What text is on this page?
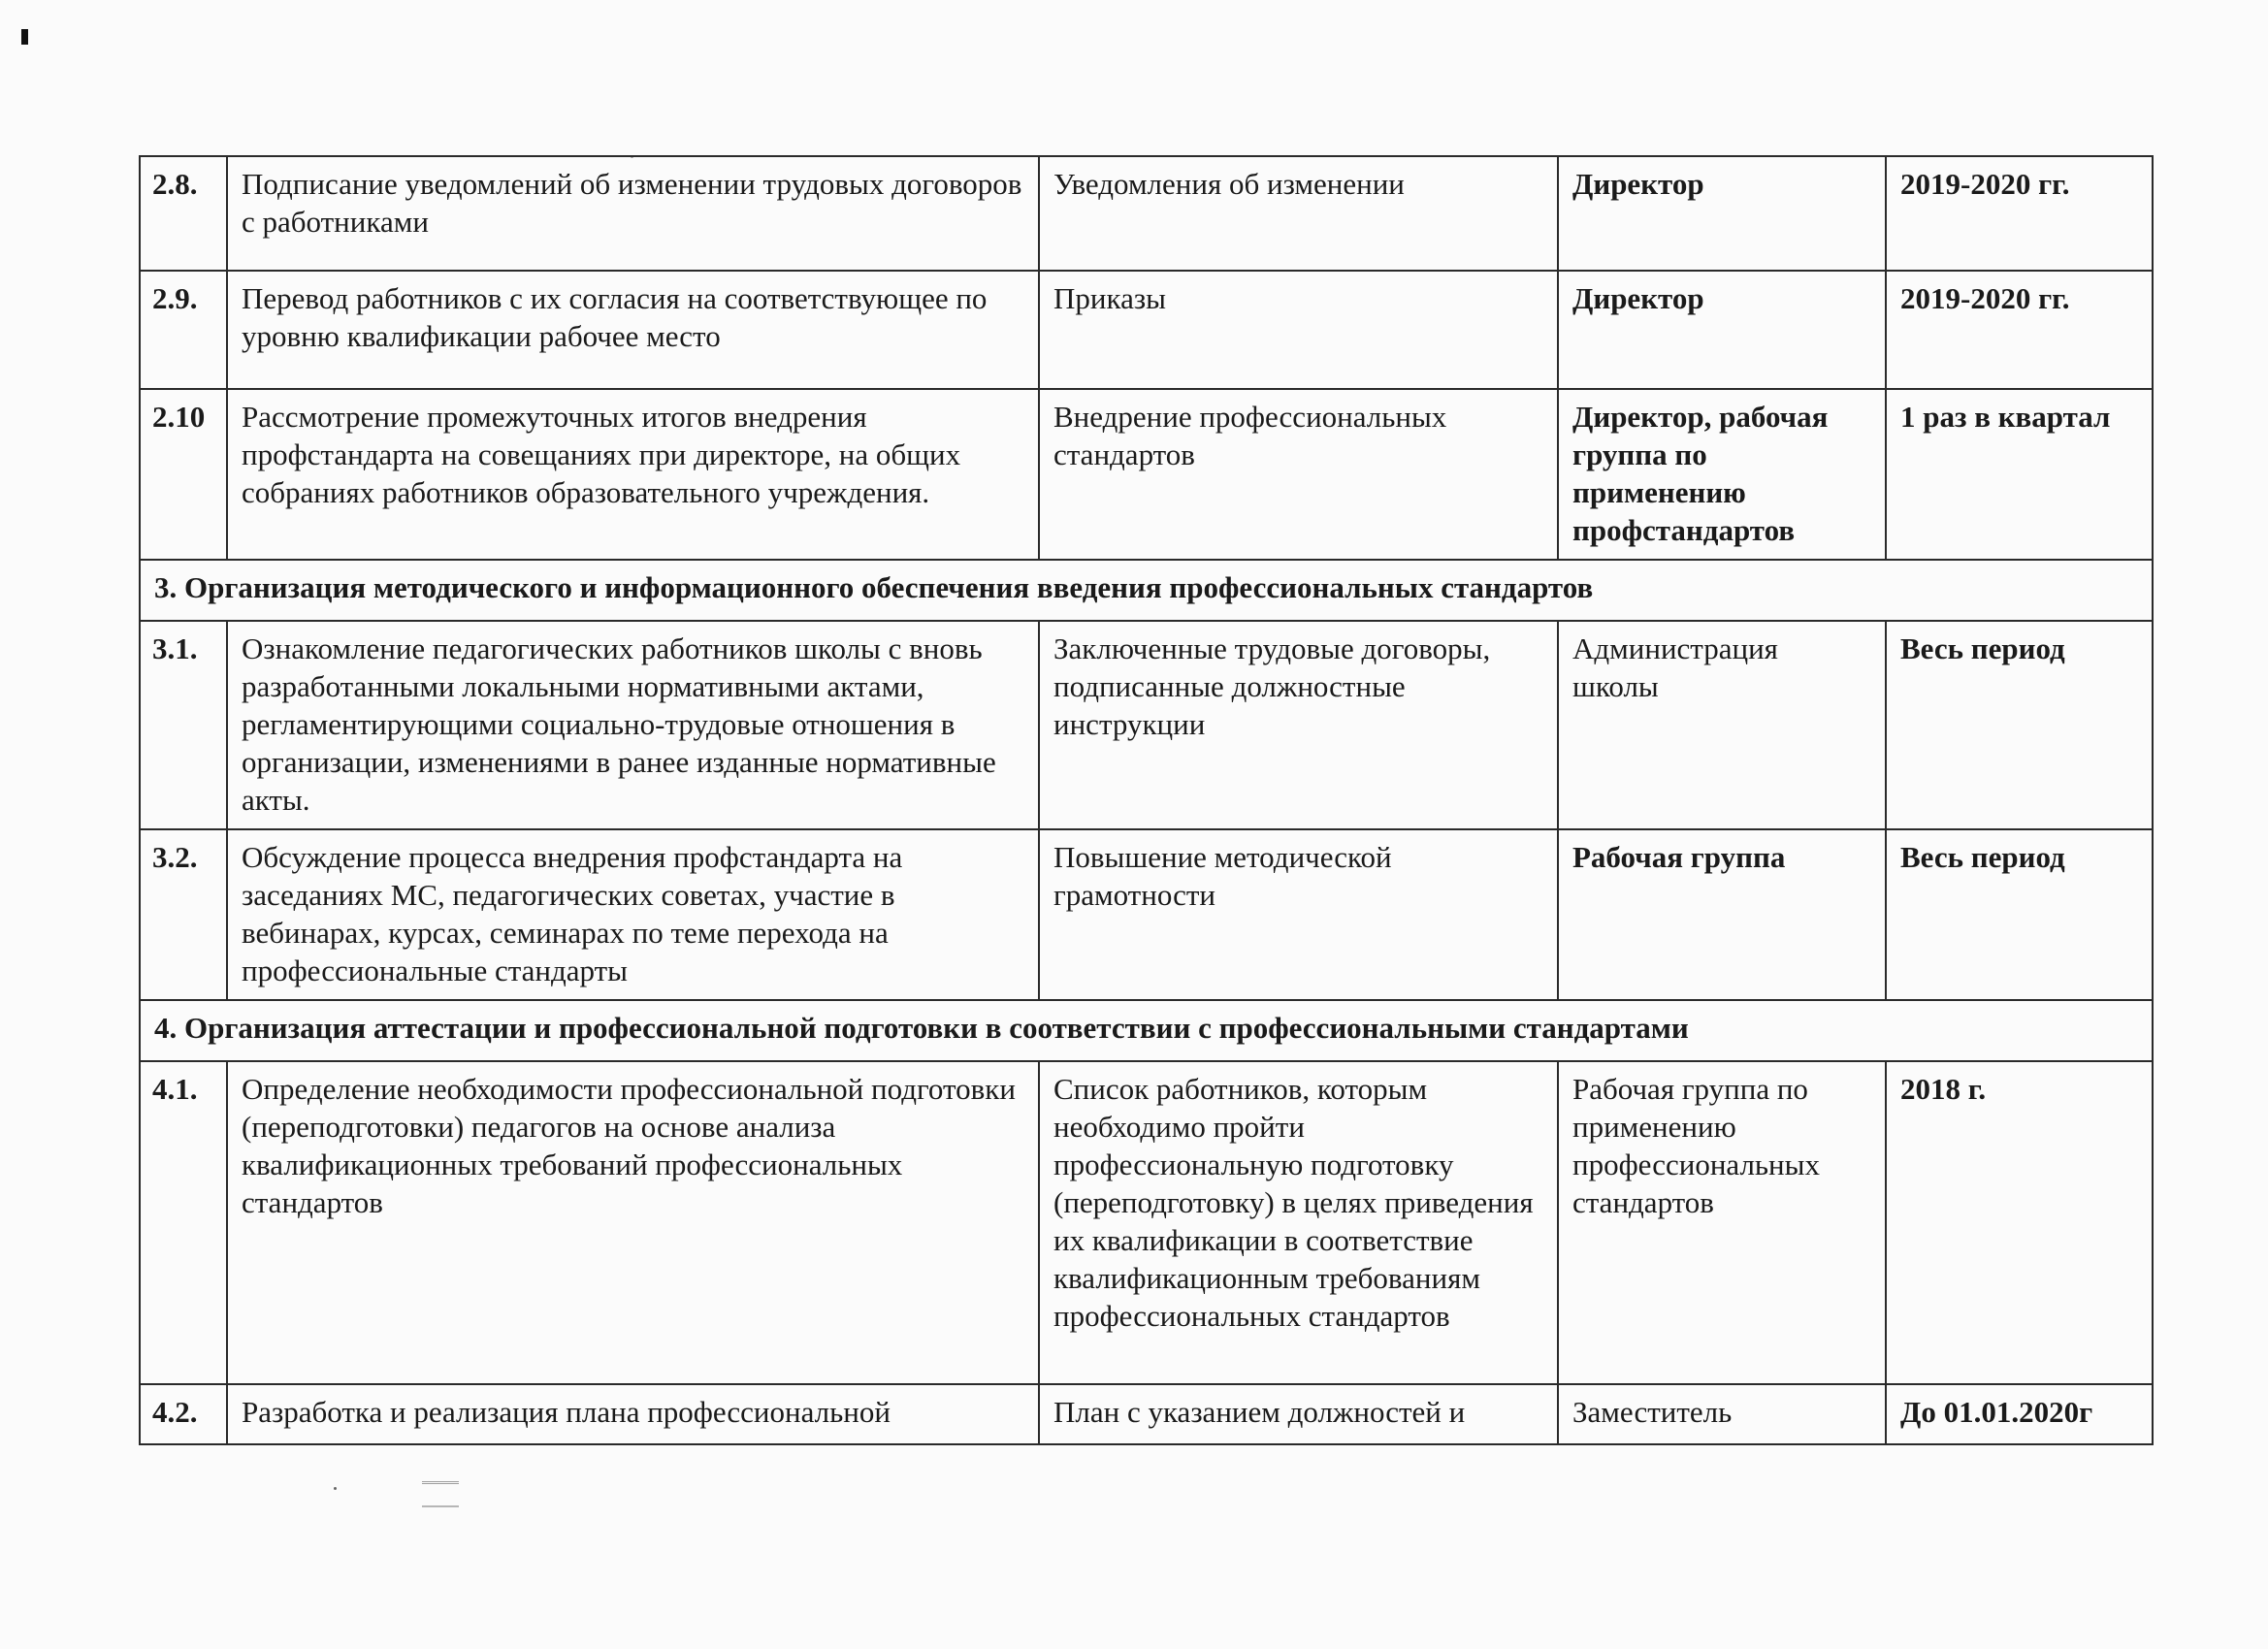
2.8.	Подписание уведомлений об изменении трудовых договоров с работниками	Уведомления об изменении	Директор	2019-2020 гг.
2.9.	Перевод работников с их согласия на соответствующее по уровню квалификации рабочее место	Приказы	Директор	2019-2020 гг.
2.10	Рассмотрение промежуточных итогов внедрения профстандарта на совещаниях при директоре, на общих собраниях работников образовательного учреждения.	Внедрение профессиональных стандартов	Директор, рабочая группа по применению профстандартов	1 раз в квартал
3. Организация методического и информационного обеспечения введения профессиональных стандартов				
3.1.	Ознакомление педагогических работников школы с вновь разработанными локальными нормативными актами, регламентирующими социально-трудовые отношения в организации, изменениями в ранее изданные нормативные акты.	Заключенные трудовые договоры, подписанные должностные инструкции	Администрация школы	Весь период
3.2.	Обсуждение процесса внедрения профстандарта на заседаниях МС, педагогических советах, участие в вебинарах, курсах, семинарах по теме перехода на профессиональные стандарты	Повышение методической грамотности	Рабочая группа	Весь период
4. Организация аттестации и профессиональной подготовки в соответствии с профессиональными стандартами				
4.1.	Определение необходимости профессиональной подготовки (переподготовки) педагогов на основе анализа квалификационных требований профессиональных стандартов	Список работников, которым необходимо пройти профессиональную подготовку (переподготовку) в целях приведения их квалификации в соответствие квалификационным требованиям профессиональных стандартов	Рабочая группа по применению профессиональных стандартов	2018 г.
4.2.	Разработка и реализация плана профессиональной	План с указанием должностей и	Заместитель	До 01.01.2020г
